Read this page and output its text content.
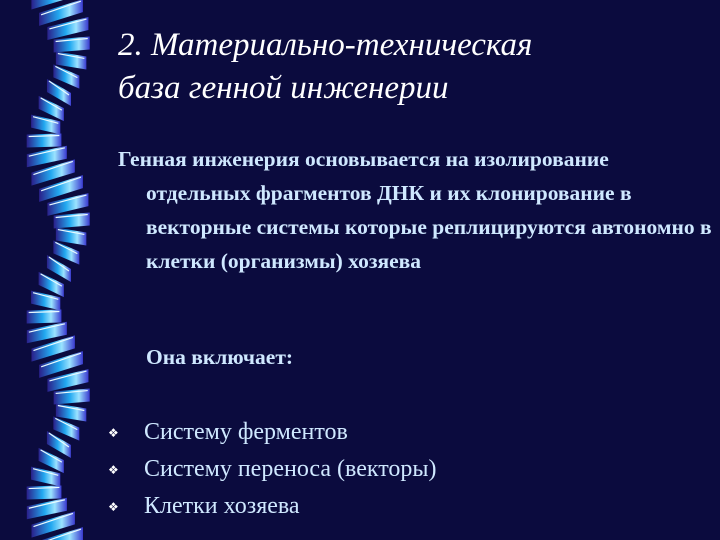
2. Материально-техническая
база генной инженерии

Генная инженерия основывается на изолирование отдельных фрагментов ДНК и их клонирование в векторные системы которые реплицируются автономно в клетки (организмы) хозяева

Она включает:

❖	Систему ферментов
❖	Систему переноса (векторы)
❖	Клетки хозяева
